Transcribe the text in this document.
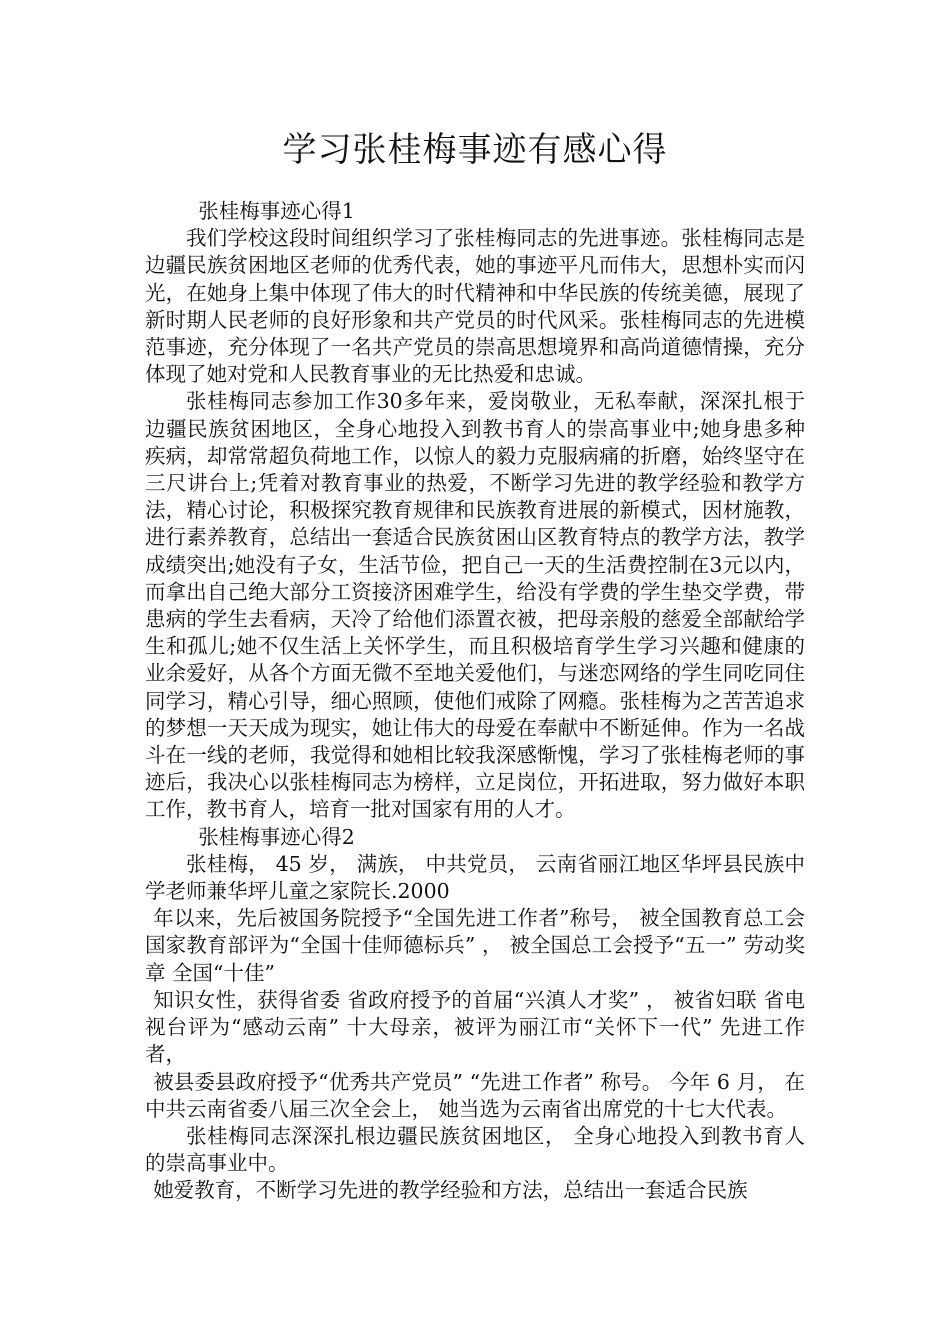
学习张桂梅事迹有感心得

张桂梅事迹心得1

我们学校这段时间组织学习了张桂梅同志的先进事迹。张桂梅同志是边疆民族贫困地区老师的优秀代表，她的事迹平凡而伟大，思想朴实而闪光，在她身上集中体现了伟大的时代精神和中华民族的传统美德，展现了新时期人民老师的良好形象和共产党员的时代风采。张桂梅同志的先进模范事迹，充分体现了一名共产党员的崇高思想境界和高尚道德情操，充分体现了她对党和人民教育事业的无比热爱和忠诚。

张桂梅同志参加工作30多年来，爱岗敬业，无私奉献，深深扎根于边疆民族贫困地区，全身心地投入到教书育人的崇高事业中;她身患多种疾病，却常常超负荷地工作，以惊人的毅力克服病痛的折磨，始终坚守在三尺讲台上;凭着对教育事业的热爱，不断学习先进的教学经验和教学方法，精心讨论，积极探究教育规律和民族教育进展的新模式，因材施教，进行素养教育，总结出一套适合民族贫困山区教育特点的教学方法，教学成绩突出;她没有子女，生活节俭，把自己一天的生活费控制在3元以内，而拿出自己绝大部分工资接济困难学生，给没有学费的学生垫交学费，带患病的学生去看病，天冷了给他们添置衣被，把母亲般的慈爱全部献给学生和孤儿;她不仅生活上关怀学生，而且积极培育学生学习兴趣和健康的业余爱好，从各个方面无微不至地关爱他们，与迷恋网络的学生同吃同住同学习，精心引导，细心照顾，使他们戒除了网瘾。张桂梅为之苦苦追求的梦想一天天成为现实，她让伟大的母爱在奉献中不断延伸。作为一名战斗在一线的老师，我觉得和她相比较我深感惭愧，学习了张桂梅老师的事迹后，我决心以张桂梅同志为榜样，立足岗位，开拓进取，努力做好本职工作，教书育人，培育一批对国家有用的人才。

张桂梅事迹心得2

张桂梅， 45 岁， 满族， 中共党员， 云南省丽江地区华坪县民族中学老师兼华坪儿童之家院长.2000

年以来，先后被国务院授予“全国先进工作者”称号， 被全国教育总工会 国家教育部评为“全国十佳师德标兵” ， 被全国总工会授予“五一” 劳动奖章 全国“十佳”

知识女性，获得省委 省政府授予的首届“兴滇人才奖” ， 被省妇联 省电视台评为“感动云南” 十大母亲，被评为丽江市“关怀下一代” 先进工作者，

被县委县政府授予“优秀共产党员” “先进工作者” 称号。 今年 6 月， 在中共云南省委八届三次全会上， 她当选为云南省出席党的十七大代表。

张桂梅同志深深扎根边疆民族贫困地区， 全身心地投入到教书育人的崇高事业中。

她爱教育，不断学习先进的教学经验和方法，总结出一套适合民族
